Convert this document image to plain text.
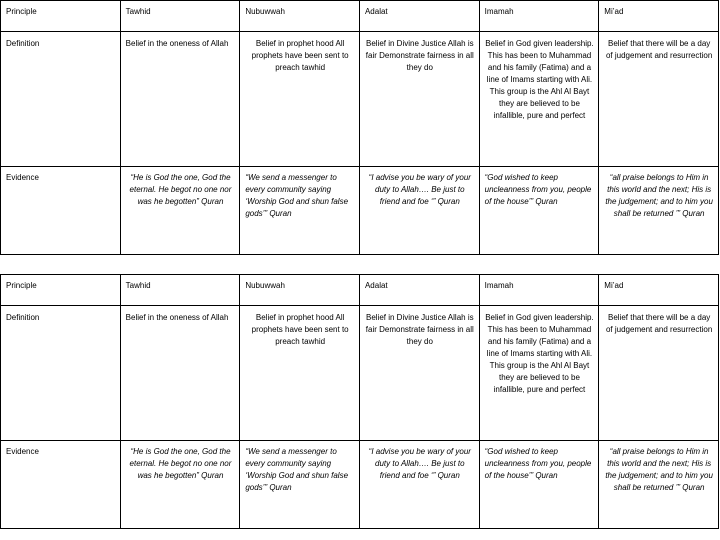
Principle	Tawhid	Nubuwwah	Adalat	Imamah	Mi’ad
Definition	Belief in the oneness of Allah	Belief in prophet hood All prophets have been sent to preach tawhid	Belief in Divine Justice Allah is fair Demonstrate fairness in all they do	Belief in God given leadership. This has been to Muhammad and his family (Fatima) and a line of Imams starting with Ali. This group is the Ahl Al Bayt they are believed to be infallible, pure and perfect	Belief that there will be a day of judgement and resurrection
Evidence	“He is God the one, God the eternal. He begot no one nor was he begotten” Quran	“We send a messenger to every community saying ‘Worship God and shun false gods’” Quran	“I advise you be wary of your duty to Allah…. Be just to friend and foe ‘” Quran	“God wished to keep uncleanness from you, people of the house’” Quran	“all praise belongs to Him in this world and the next; His is the judgement; and to him you shall be returned ’” Quran
Principle	Tawhid	Nubuwwah	Adalat	Imamah	Mi’ad
Definition	Belief in the oneness of Allah	Belief in prophet hood All prophets have been sent to preach tawhid	Belief in Divine Justice Allah is fair Demonstrate fairness in all they do	Belief in God given leadership. This has been to Muhammad and his family (Fatima) and a line of Imams starting with Ali. This group is the Ahl Al Bayt they are believed to be infallible, pure and perfect	Belief that there will be a day of judgement and resurrection
Evidence	“He is God the one, God the eternal. He begot no one nor was he begotten” Quran	“We send a messenger to every community saying ‘Worship God and shun false gods’” Quran	“I advise you be wary of your duty to Allah…. Be just to friend and foe ‘” Quran	“God wished to keep uncleanness from you, people of the house’” Quran	“all praise belongs to Him in this world and the next; His is the judgement; and to him you shall be returned ’” Quran
